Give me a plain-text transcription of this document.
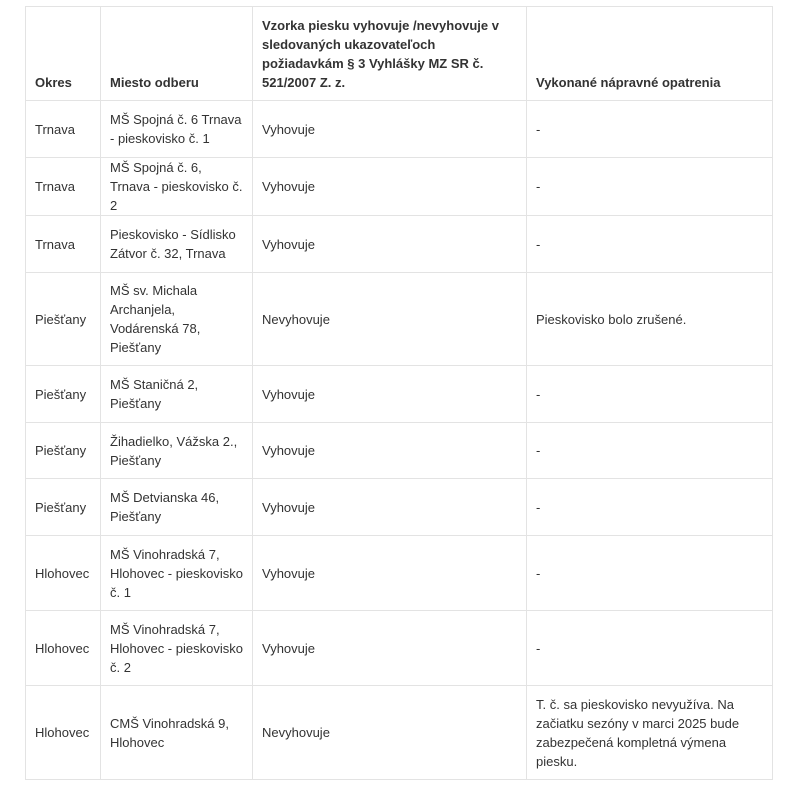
Okres	Miesto odberu	Vzorka piesku vyhovuje /nevyhovuje v sledovaných ukazovateľoch požiadavkám § 3 Vyhlášky MZ SR č. 521/2007 Z. z.	Vykonané nápravné opatrenia
Trnava	MŠ Spojná č. 6 Trnava - pieskovisko č. 1	Vyhovuje	-
Trnava	MŠ Spojná č. 6, Trnava - pieskovisko č. 2	Vyhovuje	-
Trnava	Pieskovisko - Sídlisko Zátvor č. 32, Trnava	Vyhovuje	-
Piešťany	MŠ sv. Michala Archanjela, Vodárenská 78, Piešťany	Nevyhovuje	Pieskovisko bolo zrušené.
Piešťany	MŠ Staničná 2, Piešťany	Vyhovuje	-
Piešťany	Žihadielko, Vážska 2., Piešťany	Vyhovuje	-
Piešťany	MŠ Detvianska 46, Piešťany	Vyhovuje	-
Hlohovec	MŠ Vinohradská 7, Hlohovec - pieskovisko č. 1	Vyhovuje	-
Hlohovec	MŠ Vinohradská 7, Hlohovec - pieskovisko č. 2	Vyhovuje	-
Hlohovec	CMŠ Vinohradská 9, Hlohovec	Nevyhovuje	T. č. sa pieskovisko nevyužíva. Na začiatku sezóny v marci 2025 bude zabezpečená kompletná výmena piesku.
